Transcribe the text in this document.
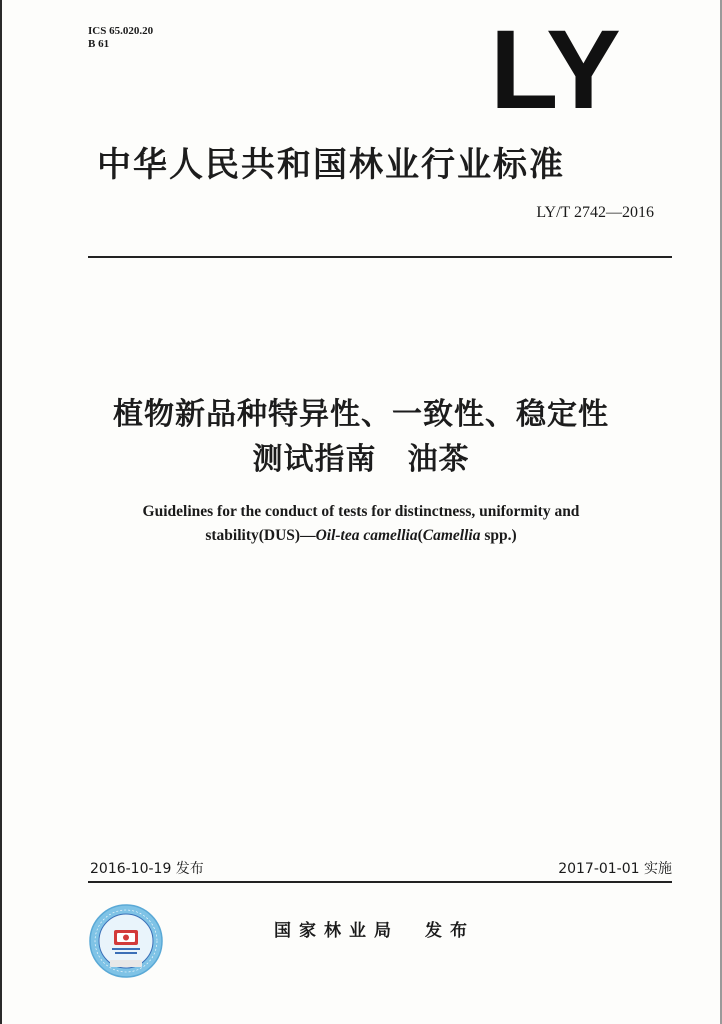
ICS 65.020.20
B 61	LY
中华人民共和国林业行业标准
LY/T 2742—2016
植物新品种特异性、一致性、稳定性
测试指南　油茶
Guidelines for the conduct of tests for distinctness, uniformity and
stability(DUS)—Oil-tea camellia(Camellia spp.)
2016-10-19 发布	2017-01-01 实施
国家林业局 发布
